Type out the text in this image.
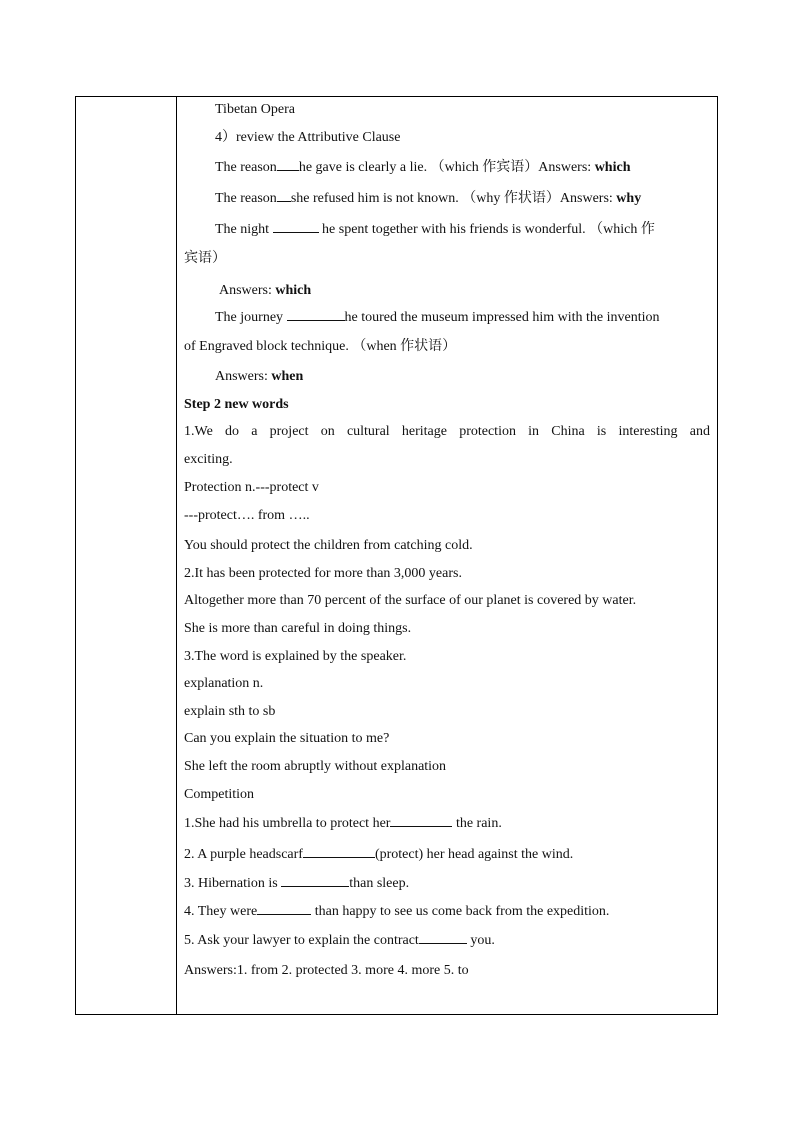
Tibetan Opera
4）review the Attributive Clause
The reason he gave is clearly a lie. （which 作宾语）Answers: which
The reason she refused him is not known. （why 作状语）Answers: why
The night	he spent together with his friends is wonderful. （which 作
宾语）
Answers: which
The journey	he toured the museum impressed him with the invention
of Engraved block technique. （when 作状语）
Answers: when
Step 2 new words
1.We do a project on cultural heritage protection in China is interesting and
exciting.
Protection n.---protect v
---protect…. from …..
You should protect the children from catching cold.
2.It has been protected for more than 3,000 years.
Altogether more than 70 percent of the surface of our planet is covered by water.
She is more than careful in doing things.
3.The word is explained by the speaker.
explanation n.
explain sth to sb
Can you explain the situation to me?
She left the room abruptly without explanation
Competition
1.She had his umbrella to protect her	the rain.
2. A purple headscarf	(protect) her head against the wind.
3. Hibernation is	than sleep.
4. They were	than happy to see us come back from the expedition.
5. Ask your lawyer to explain the contract	you.
Answers:1. from 2. protected 3. more 4. more 5. to
